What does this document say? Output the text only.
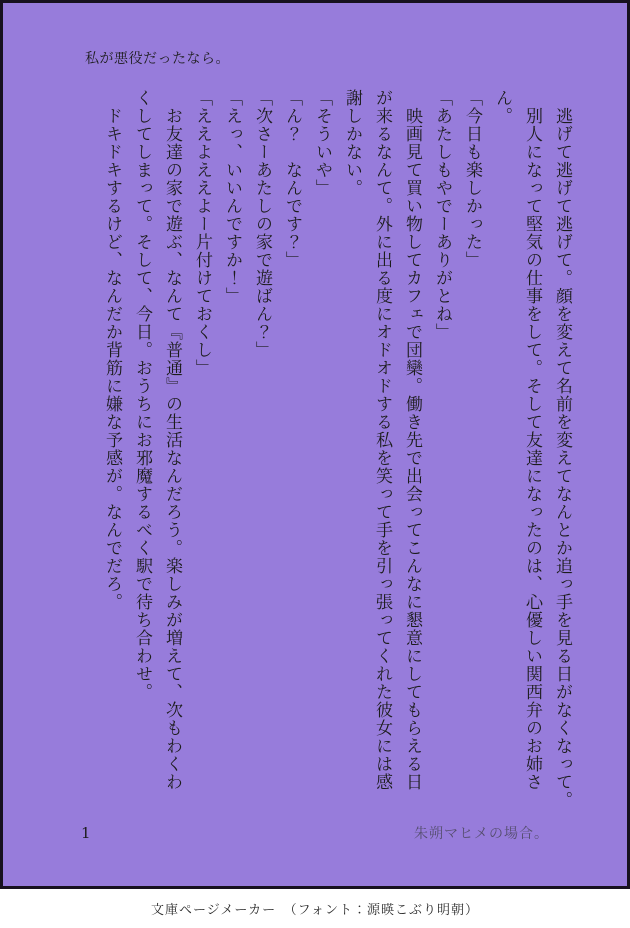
私が悪役だったなら。
　逃げて逃げて逃げて。顔を変えて名前を変えてなんとか追っ手を見る日がなくなって。
　別人になって堅気の仕事をして。そして友達になったのは、心優しい関西弁のお姉さ
ん。
「今日も楽しかった」
「あたしもやでーありがとね」
　映画見て買い物してカフェで団欒。働き先で出会ってこんなに懇意にしてもらえる日
が来るなんて。外に出る度にオドオドする私を笑って手を引っ張ってくれた彼女には感
謝しかない。
「そういや」
「ん？　なんです？」
「次さーあたしの家で遊ばん？」
「えっ、いいんですか！」
「ええよええよー片付けておくし」
　お友達の家で遊ぶ、なんて『普通』の生活なんだろう。楽しみが増えて、次もわくわ
くしてしまって。そして、今日。おうちにお邪魔するべく駅で待ち合わせ。
　ドキドキするけど、なんだか背筋に嫌な予感が。なんでだろ。
1	朱朔マヒメの場合。
文庫ページメーカー　（フォント：源暎こぶり明朝）
